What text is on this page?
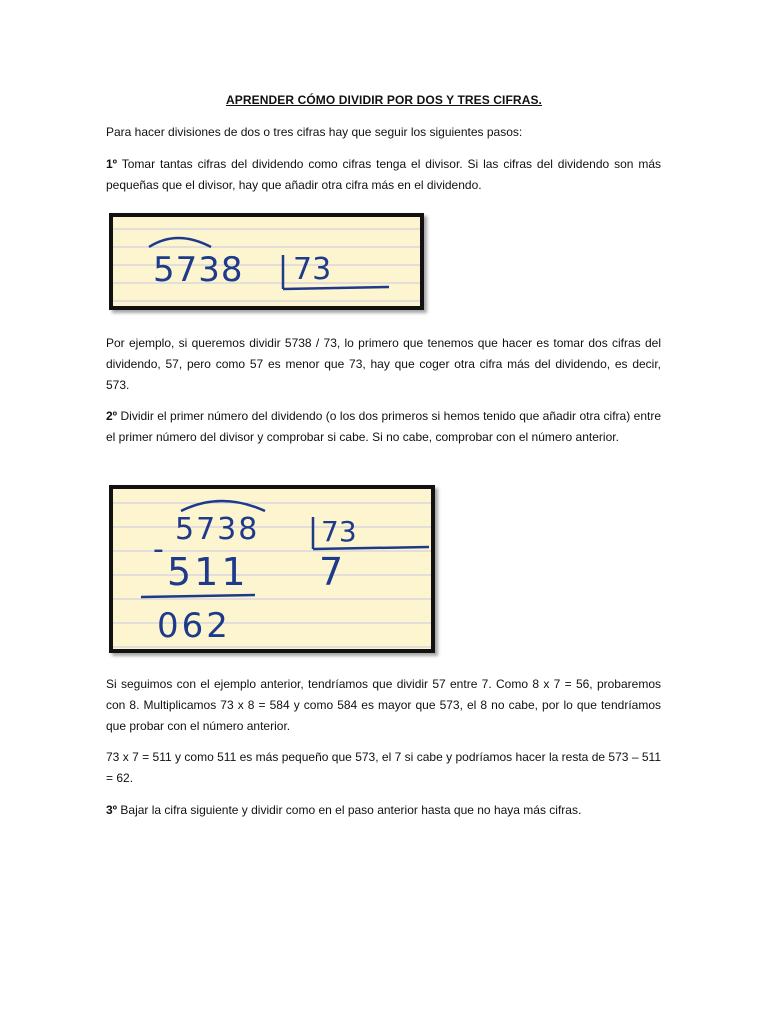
APRENDER CÓMO DIVIDIR POR DOS Y TRES CIFRAS.

Para hacer divisiones de dos o tres cifras hay que seguir los siguientes pasos:

1º Tomar tantas cifras del dividendo como cifras tenga el divisor. Si las cifras del dividendo son más pequeñas que el divisor, hay que añadir otra cifra más en el dividendo.

5738 73

Por ejemplo, si queremos dividir 5738 / 73, lo primero que tenemos que hacer es tomar dos cifras del dividendo, 57, pero como 57 es menor que 73, hay que coger otra cifra más del dividendo, es decir, 573.

2º Dividir el primer número del dividendo (o los dos primeros si hemos tenido que añadir otra cifra) entre el primer número del divisor y comprobar si cabe. Si no cabe, comprobar con el número anterior.

5738
-
511
062
73
7

Si seguimos con el ejemplo anterior, tendríamos que dividir 57 entre 7. Como 8 x 7 = 56, probaremos con 8. Multiplicamos 73 x 8 = 584 y como 584 es mayor que 573, el 8 no cabe, por lo que tendríamos que probar con el número anterior.

73 x 7 = 511 y como 511 es más pequeño que 573, el 7 si cabe y podríamos hacer la resta de 573 – 511 = 62.

3º Bajar la cifra siguiente y dividir como en el paso anterior hasta que no haya más cifras.
